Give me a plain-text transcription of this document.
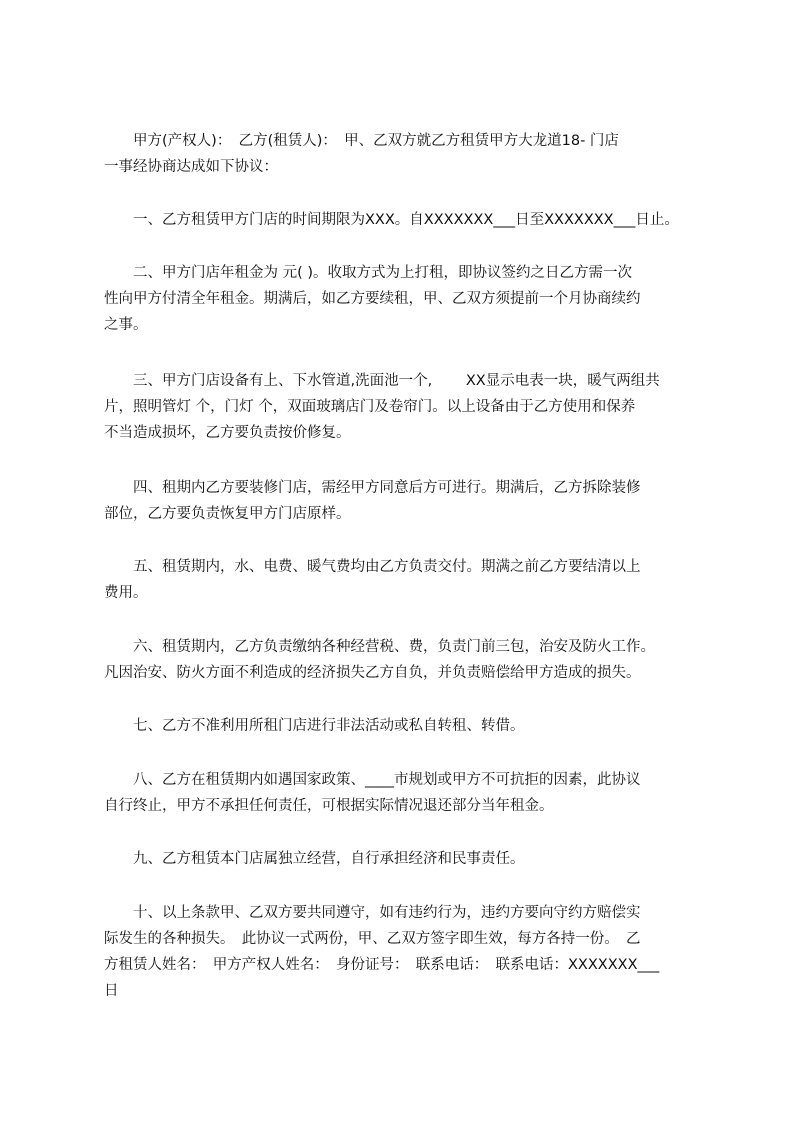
　　甲方(产权人)：　乙方(租赁人)：　甲、乙双方就乙方租赁甲方大龙道18- 门店
一事经协商达成如下协议：
　　一、乙方租赁甲方门店的时间期限为XXX。自XXXXXXX___日至XXXXXXX___日止。
　　二、甲方门店年租金为 元( )。收取方式为上打租，即协议签约之日乙方需一次
性向甲方付清全年租金。期满后，如乙方要续租，甲、乙双方须提前一个月协商续约
之事。
　　三、甲方门店设备有上、下水管道,洗面池一个,　　 XX显示电表一块，暖气两组共
片，照明管灯 个，门灯 个，双面玻璃店门及卷帘门。以上设备由于乙方使用和保养
不当造成损坏，乙方要负责按价修复。
　　四、租期内乙方要装修门店，需经甲方同意后方可进行。期满后，乙方拆除装修
部位，乙方要负责恢复甲方门店原样。
　　五、租赁期内，水、电费、暖气费均由乙方负责交付。期满之前乙方要结清以上
费用。
　　六、租赁期内，乙方负责缴纳各种经营税、费，负责门前三包，治安及防火工作。
凡因治安、防火方面不利造成的经济损失乙方自负，并负责赔偿给甲方造成的损失。
　　七、乙方不准利用所租门店进行非法活动或私自转租、转借。
　　八、乙方在租赁期内如遇国家政策、____市规划或甲方不可抗拒的因素，此协议
自行终止，甲方不承担任何责任，可根据实际情况退还部分当年租金。
　　九、乙方租赁本门店属独立经营，自行承担经济和民事责任。
　　十、以上条款甲、乙双方要共同遵守，如有违约行为，违约方要向守约方赔偿实
际发生的各种损失。　此协议一式两份，甲、乙双方签字即生效，每方各持一份。　乙
方租赁人姓名：　甲方产权人姓名：　身份证号：　联系电话：　联系电话：XXXXXXX___
日
